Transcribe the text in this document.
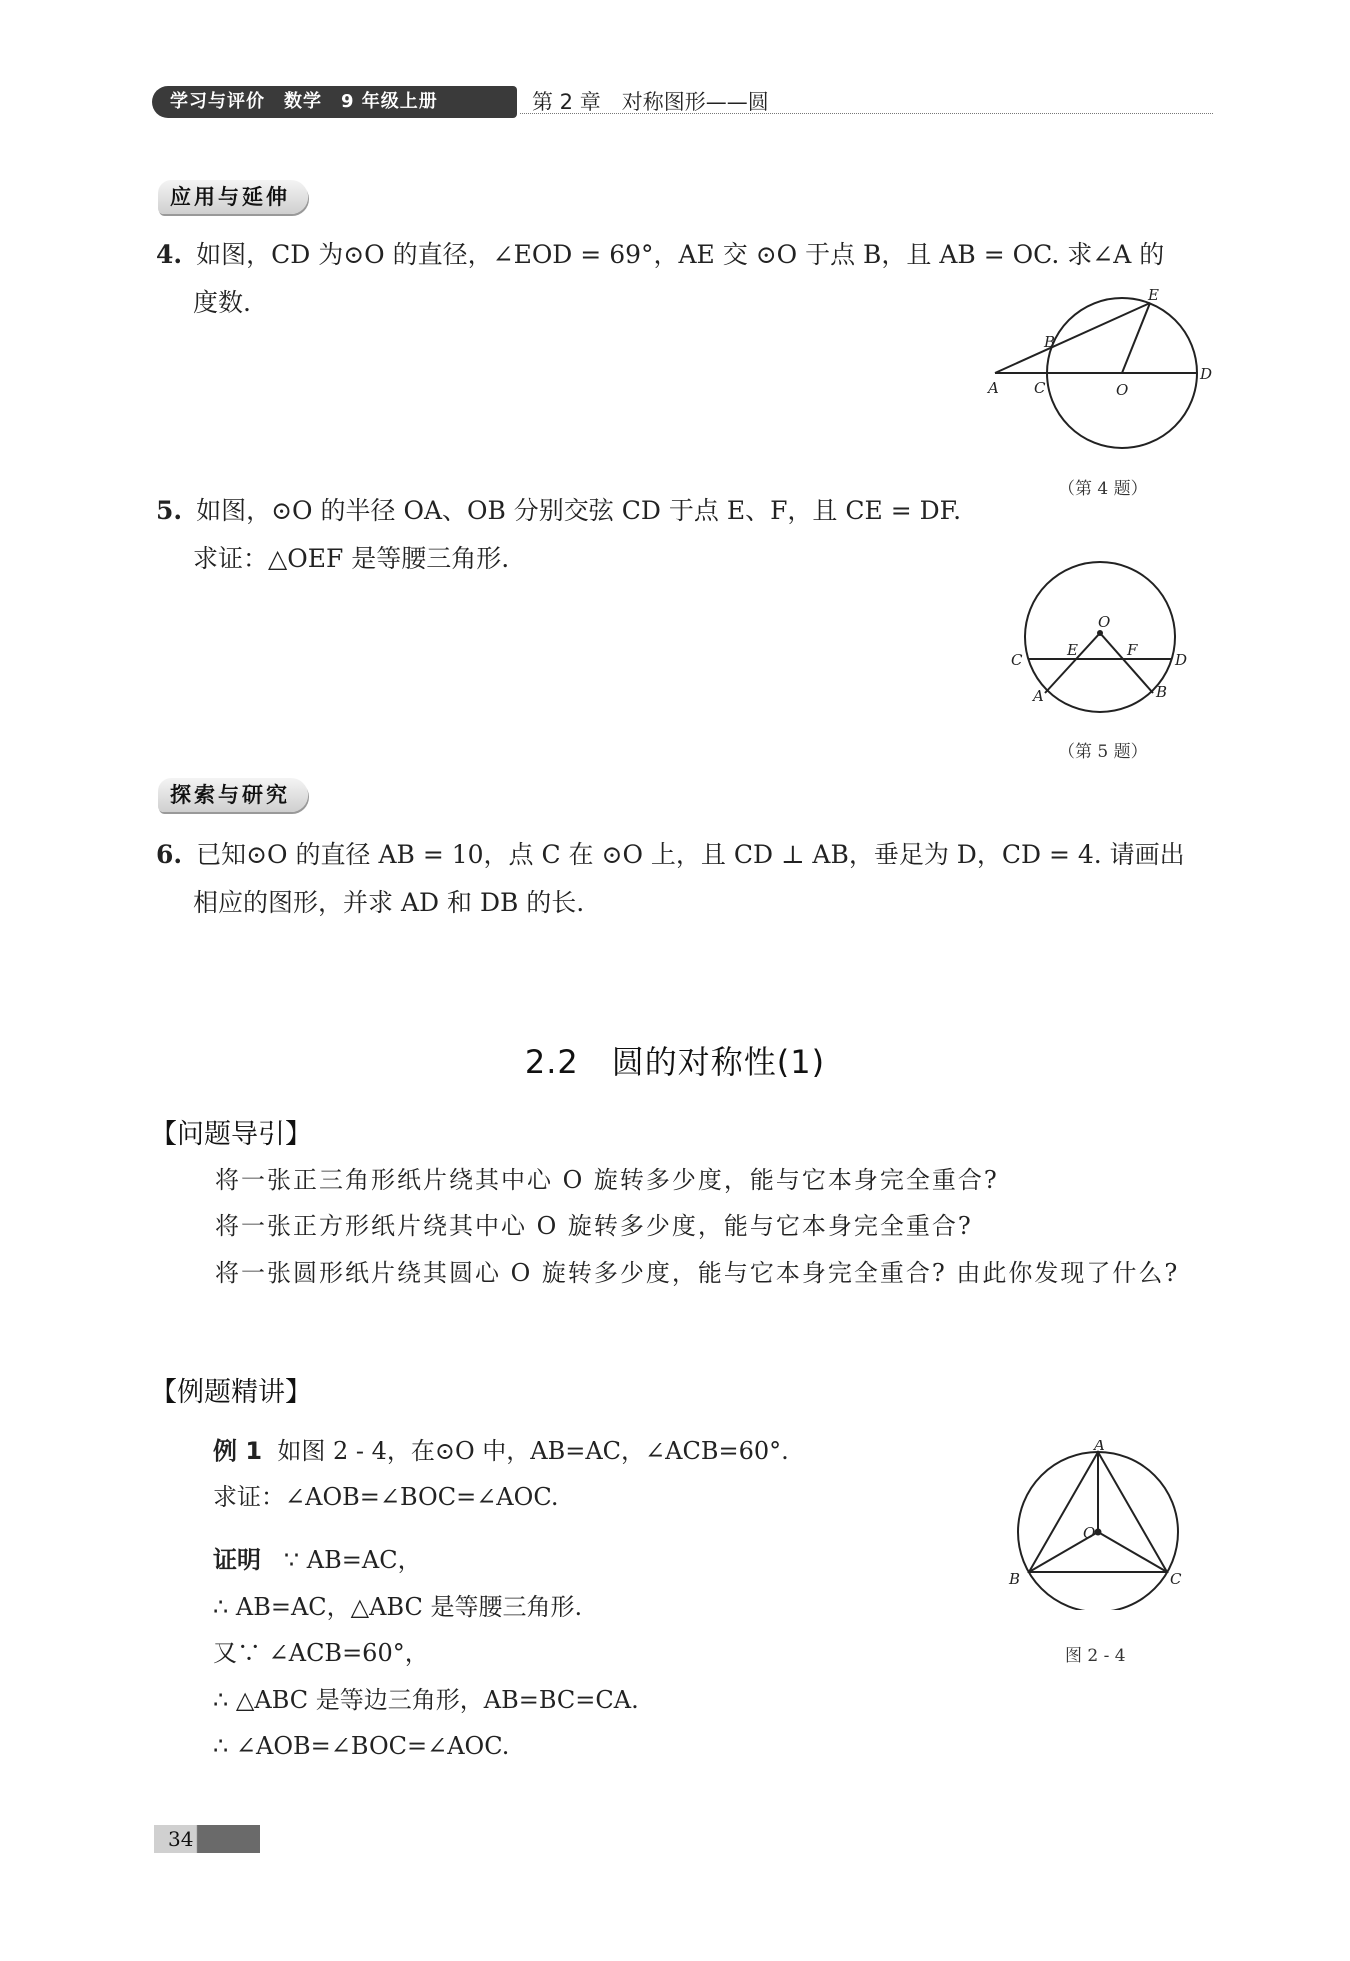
学习与评价　数学　9 年级上册	第 2 章　对称图形——圆
应用与延伸
4. 如图，CD 为⊙O 的直径，∠EOD = 69°，AE 交 ⊙O 于点 B，且 AB = OC. 求∠A 的
度数.	E
B
A C	O
D
（第 4 题）
5. 如图，⊙O 的半径 OA、OB 分别交弦 CD 于点 E、F，且 CE = DF.
求证：△OEF 是等腰三角形.
O
E	F
C	D
A	B
（第 5 题）
探索与研究
6. 已知⊙O 的直径 AB = 10，点 C 在 ⊙O 上，且 CD ⊥ AB，垂足为 D，CD = 4. 请画出
相应的图形，并求 AD 和 DB 的长.
2.2　圆的对称性(1)
【问题导引】
将一张正三角形纸片绕其中心 O 旋转多少度，能与它本身完全重合?
将一张正方形纸片绕其中心 O 旋转多少度，能与它本身完全重合?
将一张圆形纸片绕其圆心 O 旋转多少度，能与它本身完全重合? 由此你发现了什么?
【例题精讲】
例 1 如图 2 - 4，在⊙O 中，AB=AC，∠ACB=60°.
求证：∠AOB=∠BOC=∠AOC.
证明 ∵ AB=AC，
∴ AB=AC，△ABC 是等腰三角形.
又∵ ∠ACB=60°，
∴ △ABC 是等边三角形，AB=BC=CA.
∴ ∠AOB=∠BOC=∠AOC.
A
O
B	C
图 2 - 4
34
